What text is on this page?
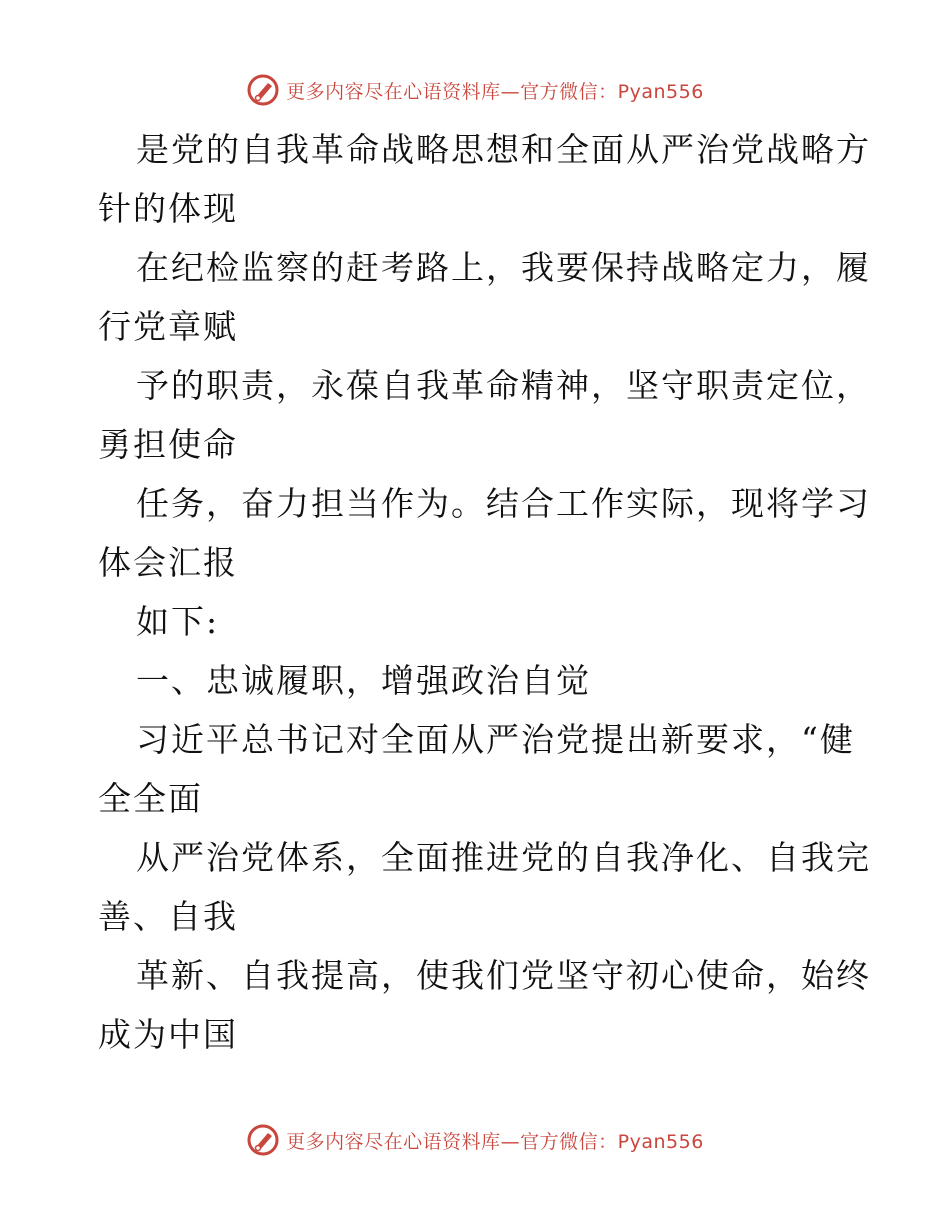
更多内容尽在心语资料库—官方微信：Pyan556
是党的自我革命战略思想和全面从严治党战略方
针的体现
在纪检监察的赶考路上，我要保持战略定力，履
行党章赋
予的职责，永葆自我革命精神，坚守职责定位，
勇担使命
任务，奋力担当作为。结合工作实际，现将学习
体会汇报
如下:
一、忠诚履职，增强政治自觉
习近平总书记对全面从严治党提出新要求，“健
全全面
从严治党体系，全面推进党的自我净化、自我完
善、自我
革新、自我提高，使我们党坚守初心使命，始终
成为中国
更多内容尽在心语资料库—官方微信：Pyan556
